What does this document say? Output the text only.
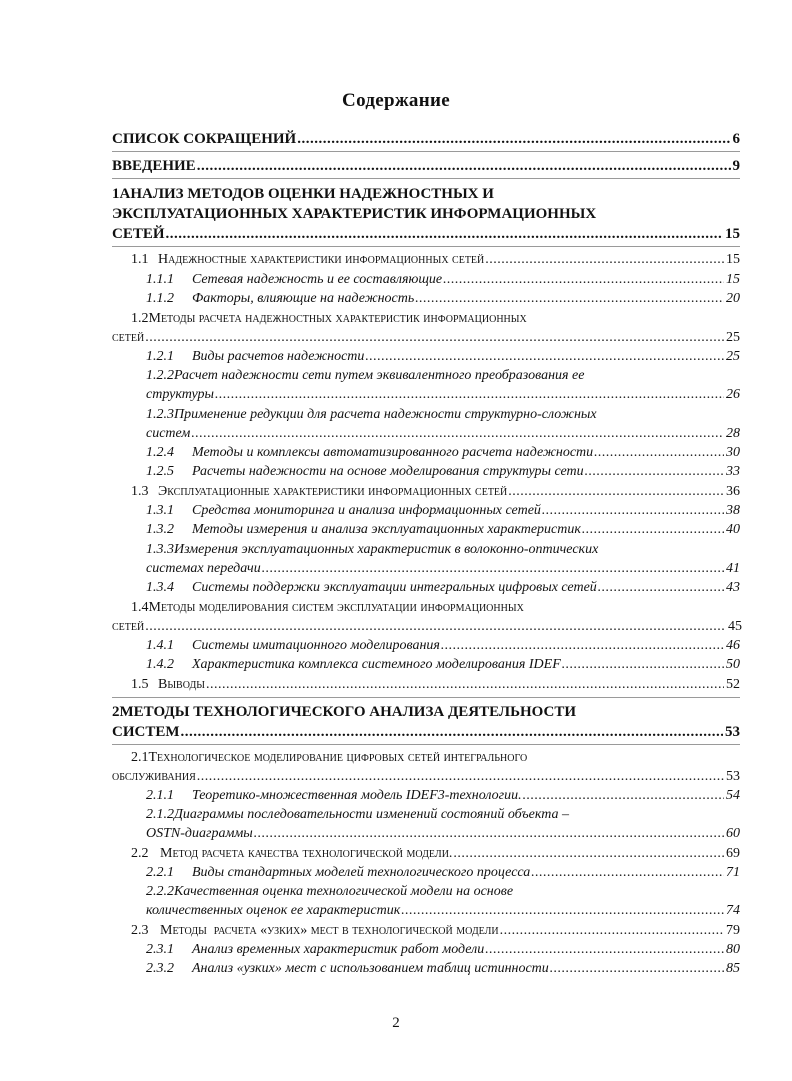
Содержание
СПИСОК СОКРАЩЕНИЙ .....	6
ВВЕДЕНИЕ .....	9
1АНАЛИЗ МЕТОДОВ ОЦЕНКИ НАДЕЖНОСТНЫХ И
ЭКСПЛУАТАЦИОННЫХ ХАРАКТЕРИСТИК ИНФОРМАЦИОННЫХ
СЕТЕЙ .....	15
1.1 Надежностные характеристики информационных сетей .....	15
1.1.1	Сетевая надежность и ее составляющие .....	15
1.1.2	Факторы, влияющие на надежность .....	20
1.2Методы расчета надежностных характеристик информационных
сетей .....	25
1.2.1	Виды расчетов надежности .....	25
1.2.2Расчет надежности сети путем эквивалентного преобразования ее
структуры .....	26
1.2.3Применение редукции для расчета надежности структурно-сложных
систем .....	28
1.2.4	Методы и комплексы автоматизированного расчета надежности .....	30
1.2.5	Расчеты надежности на основе моделирования структуры сети .....	33
1.3 Эксплуатационные характеристики информационных сетей .....	36
1.3.1	Средства мониторинга и анализа информационных сетей .....	38
1.3.2	Методы измерения и анализа эксплуатационных характеристик .....	40
1.3.3Измерения эксплуатационных характеристик в волоконно-оптических
системах передачи .....	41
1.3.4	Системы поддержки эксплуатации интегральных цифровых сетей .....	43
1.4Методы моделирования систем эксплуатации информационных
сетей .....	45
1.4.1	Системы имитационного моделирования .....	46
1.4.2	Характеристика комплекса системного моделирования IDEF .....	50
1.5 Выводы .....	52
2МЕТОДЫ ТЕХНОЛОГИЧЕСКОГО АНАЛИЗА ДЕЯТЕЛЬНОСТИ
СИСТЕМ .....	53
2.1Технологическое моделирование цифровых сетей интегрального
обслуживания .....	53
2.1.1	Теоретико-множественная модель IDEF3-технологии. .....	54
2.1.2Диаграммы последовательности изменений состояний объекта –
OSTN-диаграммы .....	60
2.2 Метод расчета качества технологической модели. .....	69
2.2.1	Виды стандартных моделей технологического процесса .....	71
2.2.2Качественная оценка технологической модели на основе
количественных оценок ее характеристик .....	74
2.3 Методы  расчета «узких» мест в технологической модели .....	79
2.3.1	Анализ временных характеристик работ модели .....	80
2.3.2	Анализ «узких» мест с использованием таблиц истинности .....	85
2
